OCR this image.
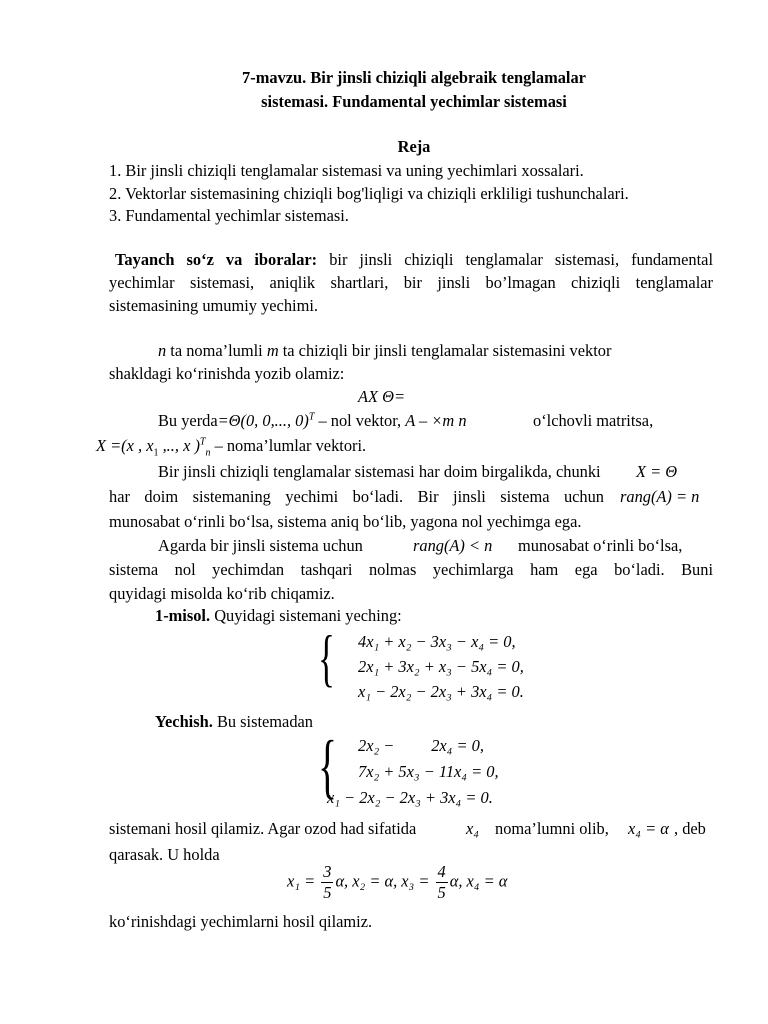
7-mavzu. Bir jinsli chiziqli algebraik tenglamalar
sistemasi. Fundamental yechimlar sistemasi
Reja
1. Bir jinsli chiziqli tenglamalar sistemasi va uning yechimlari xossalari.
2. Vektorlar sistemasining chiziqli bog'liqligi va chiziqli erkliligi tushunchalari.
3. Fundamental yechimlar sistemasi.
Tayanch so‘z va iboralar: bir jinsli chiziqli tenglamalar sistemasi, fundamental
yechimlar sistemasi, aniqlik shartlari, bir jinsli bo’lmagan chiziqli tenglamalar
sistemasining umumiy yechimi.
n ta noma’lumli m ta chiziqli bir jinsli tenglamalar sistemasini vektor
shakldagi ko‘rinishda yozib olamiz:
AX Θ=
Bu yerda=Θ(0, 0,..., 0)$^T$ – nol vektor, A – ×m n	o‘lchovli matritsa,
X =(x , $x_1$ ,.., x )$^T_n$ – noma’lumlar vektori.
Bir jinsli chiziqli tenglamalar sistemasi har doim birgalikda, chunki X = Θ
har doim sistemaning yechimi bo‘ladi. Bir jinsli sistema uchun rang(A) = n
munosabat o‘rinli bo‘lsa, sistema aniq bo‘lib, yagona nol yechimga ega.
Agarda bir jinsli sistema uchun	rang(A) < n munosabat o‘rinli bo‘lsa,
sistema nol yechimdan tashqari nolmas yechimlarga ham ega bo‘ladi. Buni
quyidagi misolda ko‘rib chiqamiz.
1-misol. Quyidagi sistemani yeching:
{ 4x₁ + x₂ − 3x₃ − x₄ = 0,
2x₁ + 3x₂ + x₃ − 5x₄ = 0,
x₁ − 2x₂ − 2x₃ + 3x₄ = 0.
Yechish. Bu sistemadan
{ 2x₂ −         2x₄ = 0,
7x₂ + 5x₃ − 11x₄ = 0,
x₁ − 2x₂ − 2x₃ + 3x₄ = 0.
sistemani hosil qilamiz. Agar ozod had sifatida	x₄ noma’lumni olib, x₄ = α , deb
qarasak. U holda
$x_1 = \frac{3}{5} \alpha$, x₂ = α, $x_3 = \frac{4}{5} \alpha$, x₄ = α
ko‘rinishdagi yechimlarni hosil qilamiz.
